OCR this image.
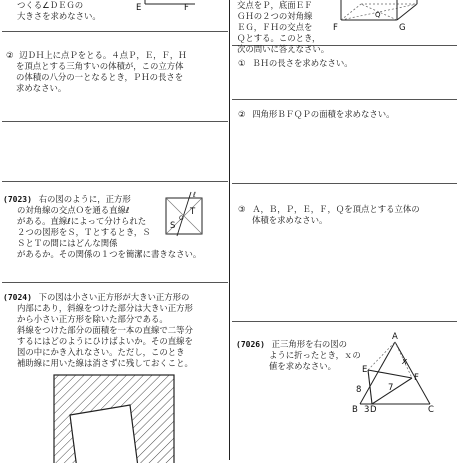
つくる∠ＤＥＧの
大きさを求めなさい。
E	F
② 辺ＤＨ上に点Ｐをとる。４点Ｐ，Ｅ，Ｆ，Ｈ
を頂点とする三角すいの体積が，この立方体
の体積の八分の一となるとき，ＰＨの長さを
求めなさい。
(7023) 右の図のように，正方形
の対角線の交点Ｏを通る直線ℓ
がある。直線ℓによって分けられた
２つの図形をＳ，Ｔとするとき，Ｓ
ＳとＴの間にはどんな関係
があるか。その関係の１つを簡潔に書きなさい。
ℓ
T
S
O
(7024) 下の図は小さい正方形が大きい正方形の
内部にあり，斜線をつけた部分は大きい正方形
から小さい正方形を除いた部分である。
斜線をつけた部分の面積を一本の直線で二等分
するにはどのようにひけばよいか。その直線を
図の中にかき入れなさい。ただし，このとき
補助線に用いた線は消さずに残しておくこと。
交点をＰ，底面ＥＦ
ＧＨの２つの対角線
ＥＧ，ＦＨの交点を
Ｑとする。このとき，
次の問いに答えなさい。
Q
F	G
① ＢＨの長さを求めなさい。
② 四角形ＢＦＱＰの面積を求めなさい。
③ Ａ，Ｂ，Ｐ，Ｅ，Ｆ，Ｑを頂点とする立体の
体積を求めなさい。
(7026) 正三角形を右の図の
ように折ったとき，ｘの
値を求めなさい。
A
E
F
B D	C
x
8
3
7
